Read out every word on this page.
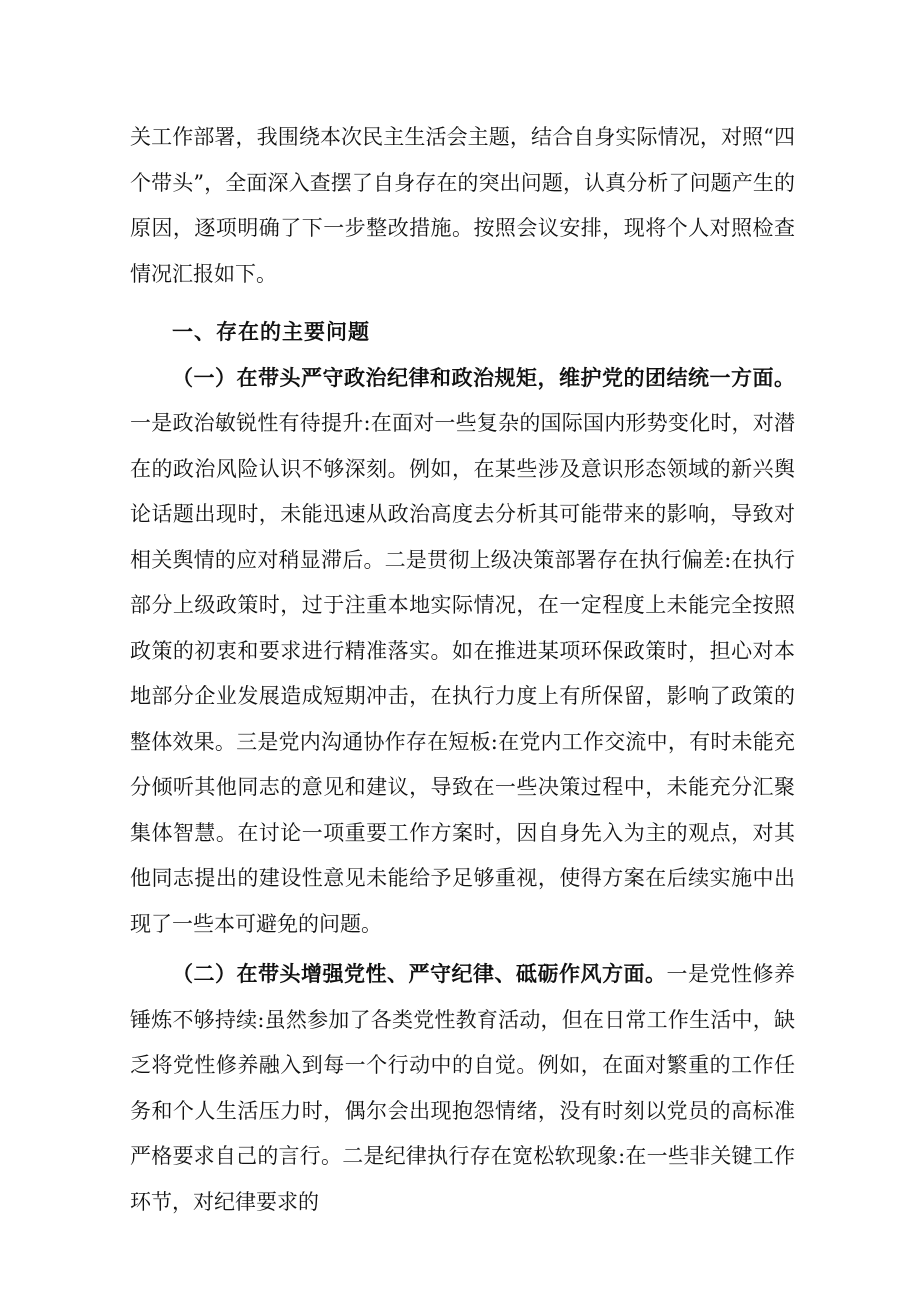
关工作部署，我围绕本次民主生活会主题，结合自身实际情况，对照“四个带头”，全面深入查摆了自身存在的突出问题，认真分析了问题产生的原因，逐项明确了下一步整改措施。按照会议安排，现将个人对照检查情况汇报如下。

一、存在的主要问题

（一）在带头严守政治纪律和政治规矩，维护党的团结统一方面。一是政治敏锐性有待提升:在面对一些复杂的国际国内形势变化时，对潜在的政治风险认识不够深刻。例如，在某些涉及意识形态领域的新兴舆论话题出现时，未能迅速从政治高度去分析其可能带来的影响，导致对相关舆情的应对稍显滞后。二是贯彻上级决策部署存在执行偏差:在执行部分上级政策时，过于注重本地实际情况，在一定程度上未能完全按照政策的初衷和要求进行精准落实。如在推进某项环保政策时，担心对本地部分企业发展造成短期冲击，在执行力度上有所保留，影响了政策的整体效果。三是党内沟通协作存在短板:在党内工作交流中，有时未能充分倾听其他同志的意见和建议，导致在一些决策过程中，未能充分汇聚集体智慧。在讨论一项重要工作方案时，因自身先入为主的观点，对其他同志提出的建设性意见未能给予足够重视，使得方案在后续实施中出现了一些本可避免的问题。

（二）在带头增强党性、严守纪律、砥砺作风方面。一是党性修养锤炼不够持续:虽然参加了各类党性教育活动，但在日常工作生活中，缺乏将党性修养融入到每一个行动中的自觉。例如，在面对繁重的工作任务和个人生活压力时，偶尔会出现抱怨情绪，没有时刻以党员的高标准严格要求自己的言行。二是纪律执行存在宽松软现象:在一些非关键工作环节，对纪律要求的
